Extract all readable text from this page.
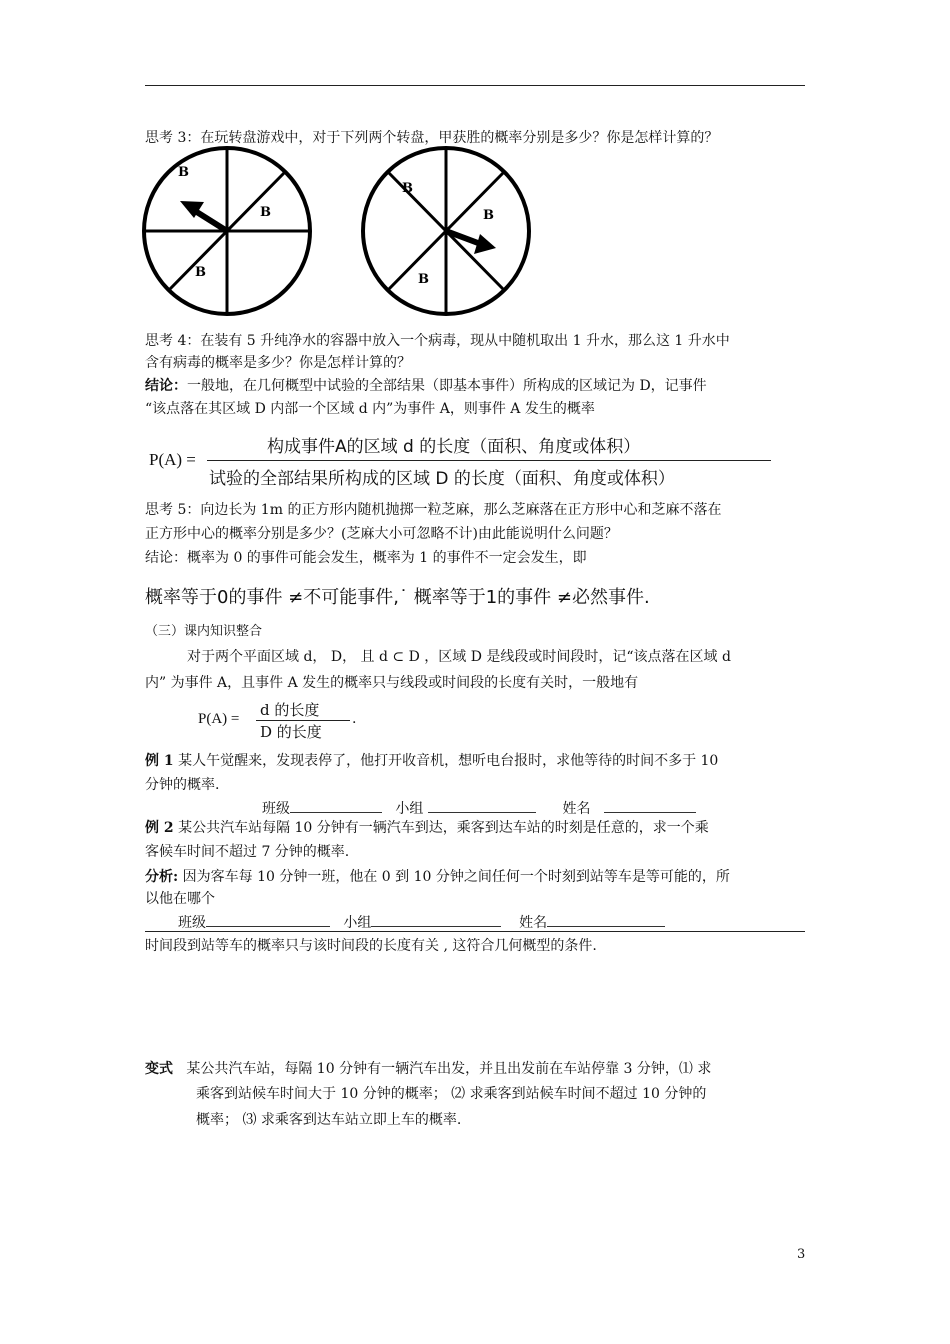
思考 3：在玩转盘游戏中，对于下列两个转盘，甲获胜的概率分别是多少？你是怎样计算的？
B
B
B
B
B
B
思考 4：在装有 5 升纯净水的容器中放入一个病毒，现从中随机取出 1 升水，那么这 1 升水中
含有病毒的概率是多少？你是怎样计算的？
结论：一般地，在几何概型中试验的全部结果（即基本事件）所构成的区域记为 D，记事件
“该点落在其区域 D 内部一个区域 d 内”为事件 A，则事件 A 发生的概率
P(A) =
构成事件A的区域 d 的长度（面积、角度或体积）
试验的全部结果所构成的区域 D 的长度（面积、角度或体积）
思考 5：向边长为 1m 的正方形内随机抛掷一粒芝麻，那么芝麻落在正方形中心和芝麻不落在
正方形中心的概率分别是多少？(芝麻大小可忽略不计)由此能说明什么问题？
结论：概率为 0 的事件可能会发生，概率为 1 的事件不一定会发生，即
概率等于0的事件 ≠不可能事件,˙ 概率等于1的事件 ≠必然事件.
（三）课内知识整合
对于两个平面区域 d， D， 且 d ⊂ D ，区域 D 是线段或时间段时，记“该点落在区域 d
内” 为事件 A，且事件 A 发生的概率只与线段或时间段的长度有关时，一般地有
P(A) = d 的长度
D 的长度
.
例 1 某人午觉醒来，发现表停了，他打开收音机，想听电台报时，求他等待的时间不多于 10
分钟的概率.
班级	小组	姓名
例 2 某公共汽车站每隔 10 分钟有一辆汽车到达，乘客到达车站的时刻是任意的，求一个乘
客候车时间不超过 7 分钟的概率.
分析: 因为客车每 10 分钟一班，他在 0 到 10 分钟之间任何一个时刻到站等车是等可能的，所
以他在哪个
班级	小组	姓名
时间段到站等车的概率只与该时间段的长度有关 , 这符合几何概型的条件.
变式 某公共汽车站，每隔 10 分钟有一辆汽车出发，并且出发前在车站停靠 3 分钟，⑴ 求
乘客到站候车时间大于 10 分钟的概率； ⑵ 求乘客到站候车时间不超过 10 分钟的
概率； ⑶ 求乘客到达车站立即上车的概率.
3
